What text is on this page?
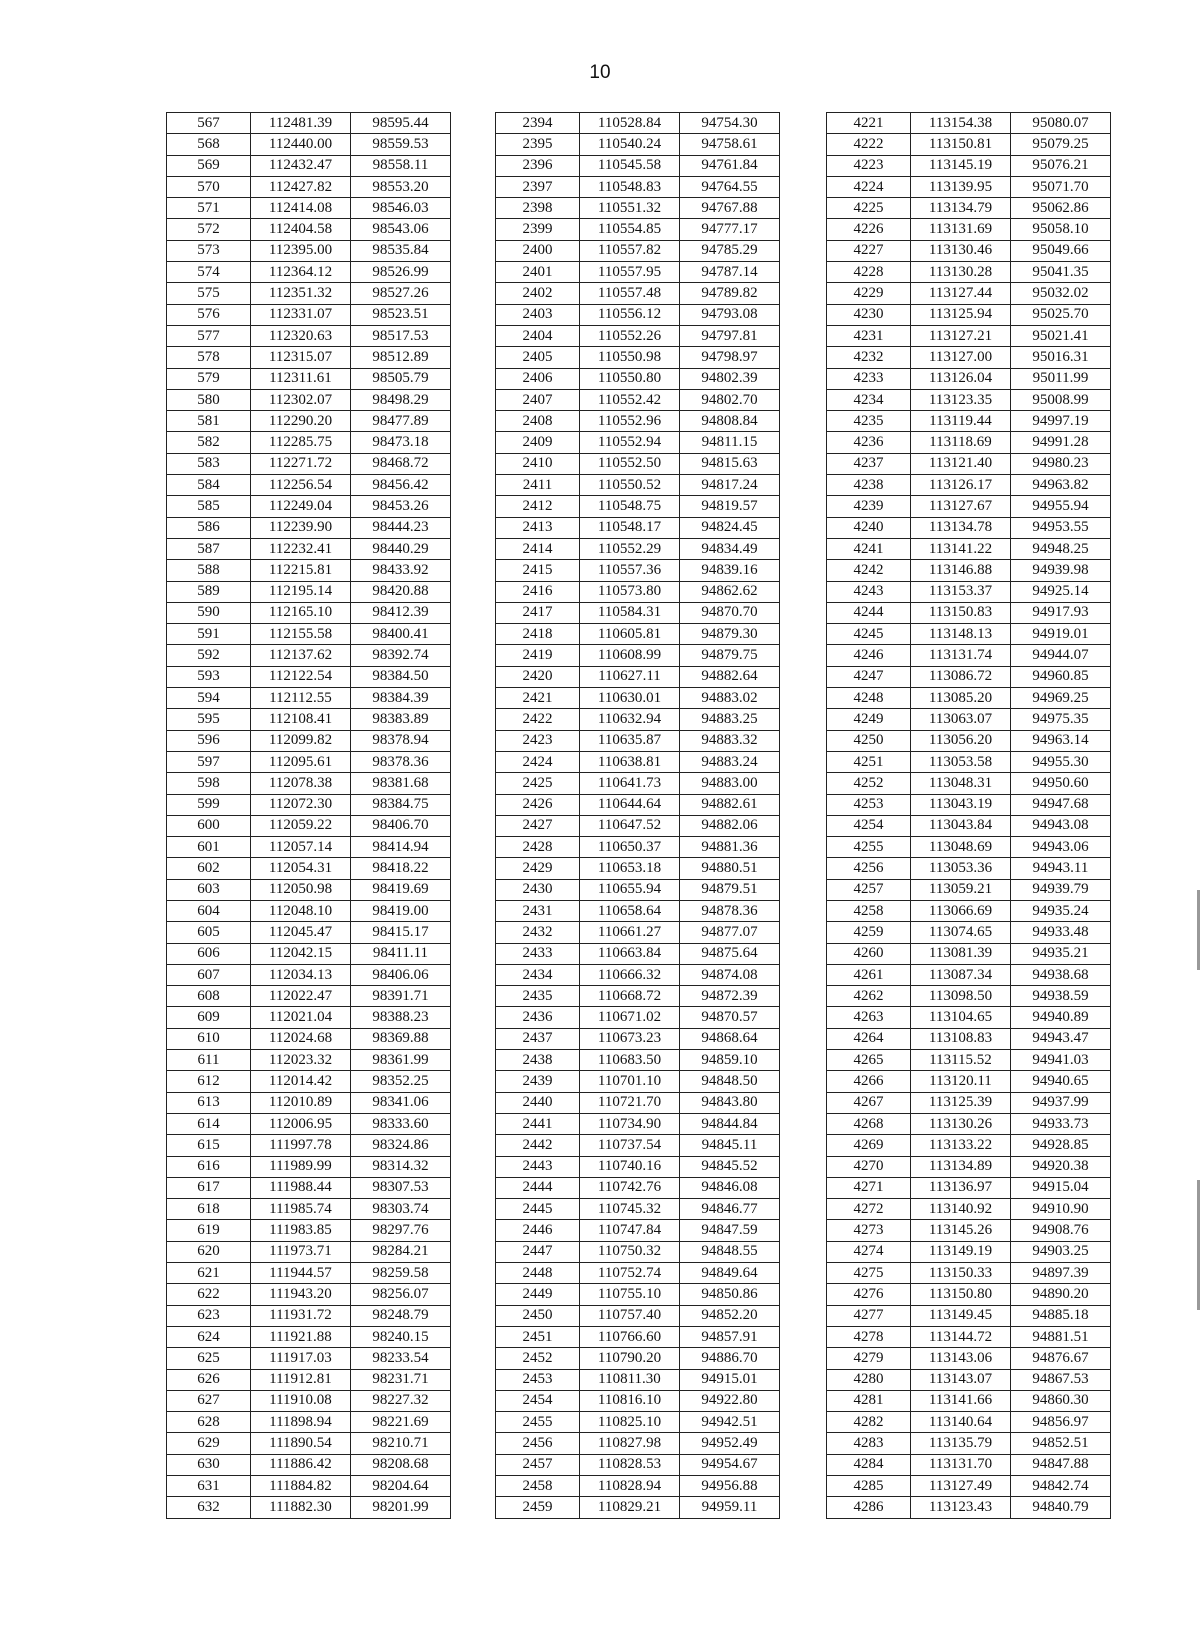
10
567	112481.39	98595.44
568	112440.00	98559.53
569	112432.47	98558.11
570	112427.82	98553.20
571	112414.08	98546.03
572	112404.58	98543.06
573	112395.00	98535.84
574	112364.12	98526.99
575	112351.32	98527.26
576	112331.07	98523.51
577	112320.63	98517.53
578	112315.07	98512.89
579	112311.61	98505.79
580	112302.07	98498.29
581	112290.20	98477.89
582	112285.75	98473.18
583	112271.72	98468.72
584	112256.54	98456.42
585	112249.04	98453.26
586	112239.90	98444.23
587	112232.41	98440.29
588	112215.81	98433.92
589	112195.14	98420.88
590	112165.10	98412.39
591	112155.58	98400.41
592	112137.62	98392.74
593	112122.54	98384.50
594	112112.55	98384.39
595	112108.41	98383.89
596	112099.82	98378.94
597	112095.61	98378.36
598	112078.38	98381.68
599	112072.30	98384.75
600	112059.22	98406.70
601	112057.14	98414.94
602	112054.31	98418.22
603	112050.98	98419.69
604	112048.10	98419.00
605	112045.47	98415.17
606	112042.15	98411.11
607	112034.13	98406.06
608	112022.47	98391.71
609	112021.04	98388.23
610	112024.68	98369.88
611	112023.32	98361.99
612	112014.42	98352.25
613	112010.89	98341.06
614	112006.95	98333.60
615	111997.78	98324.86
616	111989.99	98314.32
617	111988.44	98307.53
618	111985.74	98303.74
619	111983.85	98297.76
620	111973.71	98284.21
621	111944.57	98259.58
622	111943.20	98256.07
623	111931.72	98248.79
624	111921.88	98240.15
625	111917.03	98233.54
626	111912.81	98231.71
627	111910.08	98227.32
628	111898.94	98221.69
629	111890.54	98210.71
630	111886.42	98208.68
631	111884.82	98204.64
632	111882.30	98201.99
2394	110528.84	94754.30
2395	110540.24	94758.61
2396	110545.58	94761.84
2397	110548.83	94764.55
2398	110551.32	94767.88
2399	110554.85	94777.17
2400	110557.82	94785.29
2401	110557.95	94787.14
2402	110557.48	94789.82
2403	110556.12	94793.08
2404	110552.26	94797.81
2405	110550.98	94798.97
2406	110550.80	94802.39
2407	110552.42	94802.70
2408	110552.96	94808.84
2409	110552.94	94811.15
2410	110552.50	94815.63
2411	110550.52	94817.24
2412	110548.75	94819.57
2413	110548.17	94824.45
2414	110552.29	94834.49
2415	110557.36	94839.16
2416	110573.80	94862.62
2417	110584.31	94870.70
2418	110605.81	94879.30
2419	110608.99	94879.75
2420	110627.11	94882.64
2421	110630.01	94883.02
2422	110632.94	94883.25
2423	110635.87	94883.32
2424	110638.81	94883.24
2425	110641.73	94883.00
2426	110644.64	94882.61
2427	110647.52	94882.06
2428	110650.37	94881.36
2429	110653.18	94880.51
2430	110655.94	94879.51
2431	110658.64	94878.36
2432	110661.27	94877.07
2433	110663.84	94875.64
2434	110666.32	94874.08
2435	110668.72	94872.39
2436	110671.02	94870.57
2437	110673.23	94868.64
2438	110683.50	94859.10
2439	110701.10	94848.50
2440	110721.70	94843.80
2441	110734.90	94844.84
2442	110737.54	94845.11
2443	110740.16	94845.52
2444	110742.76	94846.08
2445	110745.32	94846.77
2446	110747.84	94847.59
2447	110750.32	94848.55
2448	110752.74	94849.64
2449	110755.10	94850.86
2450	110757.40	94852.20
2451	110766.60	94857.91
2452	110790.20	94886.70
2453	110811.30	94915.01
2454	110816.10	94922.80
2455	110825.10	94942.51
2456	110827.98	94952.49
2457	110828.53	94954.67
2458	110828.94	94956.88
2459	110829.21	94959.11
4221	113154.38	95080.07
4222	113150.81	95079.25
4223	113145.19	95076.21
4224	113139.95	95071.70
4225	113134.79	95062.86
4226	113131.69	95058.10
4227	113130.46	95049.66
4228	113130.28	95041.35
4229	113127.44	95032.02
4230	113125.94	95025.70
4231	113127.21	95021.41
4232	113127.00	95016.31
4233	113126.04	95011.99
4234	113123.35	95008.99
4235	113119.44	94997.19
4236	113118.69	94991.28
4237	113121.40	94980.23
4238	113126.17	94963.82
4239	113127.67	94955.94
4240	113134.78	94953.55
4241	113141.22	94948.25
4242	113146.88	94939.98
4243	113153.37	94925.14
4244	113150.83	94917.93
4245	113148.13	94919.01
4246	113131.74	94944.07
4247	113086.72	94960.85
4248	113085.20	94969.25
4249	113063.07	94975.35
4250	113056.20	94963.14
4251	113053.58	94955.30
4252	113048.31	94950.60
4253	113043.19	94947.68
4254	113043.84	94943.08
4255	113048.69	94943.06
4256	113053.36	94943.11
4257	113059.21	94939.79
4258	113066.69	94935.24
4259	113074.65	94933.48
4260	113081.39	94935.21
4261	113087.34	94938.68
4262	113098.50	94938.59
4263	113104.65	94940.89
4264	113108.83	94943.47
4265	113115.52	94941.03
4266	113120.11	94940.65
4267	113125.39	94937.99
4268	113130.26	94933.73
4269	113133.22	94928.85
4270	113134.89	94920.38
4271	113136.97	94915.04
4272	113140.92	94910.90
4273	113145.26	94908.76
4274	113149.19	94903.25
4275	113150.33	94897.39
4276	113150.80	94890.20
4277	113149.45	94885.18
4278	113144.72	94881.51
4279	113143.06	94876.67
4280	113143.07	94867.53
4281	113141.66	94860.30
4282	113140.64	94856.97
4283	113135.79	94852.51
4284	113131.70	94847.88
4285	113127.49	94842.74
4286	113123.43	94840.79
